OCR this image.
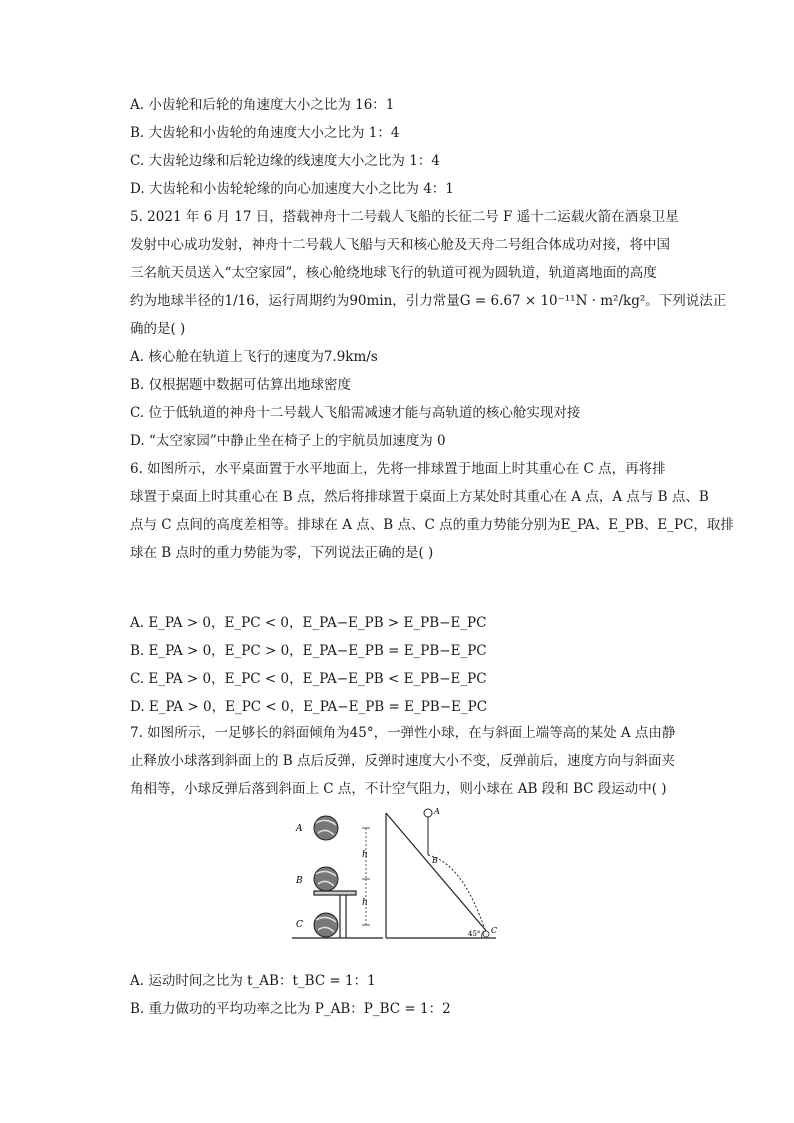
A. 小齿轮和后轮的角速度大小之比为 16：1
B. 大齿轮和小齿轮的角速度大小之比为 1：4
C. 大齿轮边缘和后轮边缘的线速度大小之比为 1：4
D. 大齿轮和小齿轮轮缘的向心加速度大小之比为 4：1
5. 2021 年 6 月 17 日，搭载神舟十二号载人飞船的长征二号 F 遥十二运载火箭在酒泉卫星
发射中心成功发射，神舟十二号载人飞船与天和核心舱及天舟二号组合体成功对接，将中国
三名航天员送入“太空家园”，核心舱绕地球飞行的轨道可视为圆轨道，轨道离地面的高度
约为地球半径的1/16，运行周期约为90min，引力常量G = 6.67 × 10⁻¹¹N · m²/kg²。下列说法正
确的是( )
A. 核心舱在轨道上飞行的速度为7.9km/s
B. 仅根据题中数据可估算出地球密度
C. 位于低轨道的神舟十二号载人飞船需减速才能与高轨道的核心舱实现对接
D. “太空家园”中静止坐在椅子上的宇航员加速度为 0
6. 如图所示，水平桌面置于水平地面上，先将一排球置于地面上时其重心在 C 点，再将排
球置于桌面上时其重心在 B 点，然后将排球置于桌面上方某处时其重心在 A 点，A 点与 B 点、B
点与 C 点间的高度差相等。排球在 A 点、B 点、C 点的重力势能分别为E_PA、E_PB、E_PC，取排
球在 B 点时的重力势能为零，下列说法正确的是( )
A. E_PA > 0，E_PC < 0，E_PA−E_PB > E_PB−E_PC
B. E_PA > 0，E_PC > 0，E_PA−E_PB = E_PB−E_PC
C. E_PA > 0，E_PC < 0，E_PA−E_PB < E_PB−E_PC
D. E_PA > 0，E_PC < 0，E_PA−E_PB = E_PB−E_PC
7. 如图所示，一足够长的斜面倾角为45°，一弹性小球，在与斜面上端等高的某处 A 点由静
止释放小球落到斜面上的 B 点后反弹，反弹时速度大小不变，反弹前后，速度方向与斜面夹
角相等，小球反弹后落到斜面上 C 点，不计空气阻力，则小球在 AB 段和 BC 段运动中( )
A
B
C
h
h
A
B
C
45°
A. 运动时间之比为 t_AB：t_BC = 1：1
B. 重力做功的平均功率之比为 P_AB：P_BC = 1：2
